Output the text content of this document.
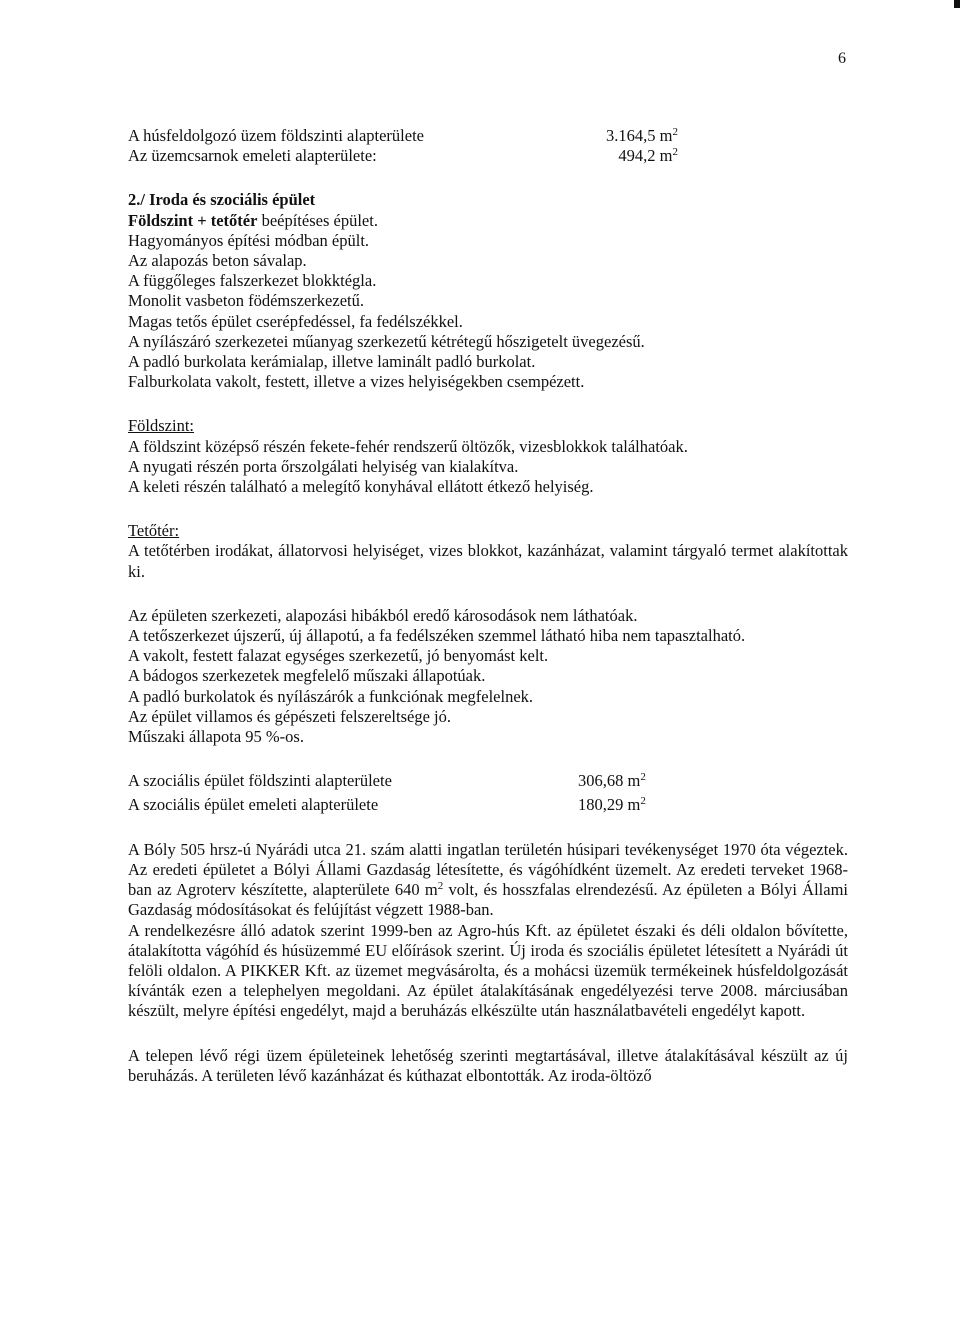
6
A húsfeldolgozó üzem földszinti alapterülete	3.164,5 $m^2$
Az üzemcsarnok emeleti alapterülete:	494,2 $m^2$
2./ Iroda és szociális épület
Földszint + tetőtér beépítéses épület.
Hagyományos építési módban épült.
Az alapozás beton sávalap.
A függőleges falszerkezet blokktégla.
Monolit vasbeton födémszerkezetű.
Magas tetős épület cserépfedéssel, fa fedélszékkel.
A nyílászáró szerkezetei műanyag szerkezetű kétrétegű hőszigetelt üvegezésű.
A padló burkolata kerámialap, illetve laminált padló burkolat.
Falburkolata vakolt, festett, illetve a vizes helyiségekben csempézett.
Földszint:
A földszint középső részén fekete-fehér rendszerű öltözők, vizesblokkok találhatóak.
A nyugati részén porta őrszolgálati helyiség van kialakítva.
A keleti részén található a melegítő konyhával ellátott étkező helyiség.
Tetőtér:
A tetőtérben irodákat, állatorvosi helyiséget, vizes blokkot, kazánházat, valamint tárgyaló termet alakítottak ki.
Az épületen szerkezeti, alapozási hibákból eredő károsodások nem láthatóak.
A tetőszerkezet újszerű, új állapotú, a fa fedélszéken szemmel látható hiba nem tapasztalható.
A vakolt, festett falazat egységes szerkezetű, jó benyomást kelt.
A bádogos szerkezetek megfelelő műszaki állapotúak.
A padló burkolatok és nyílászárók a funkciónak megfelelnek.
Az épület villamos és gépészeti felszereltsége jó.
Műszaki állapota 95 %-os.
A szociális épület földszinti alapterülete	306,68 $m^2$
A szociális épület emeleti alapterülete	180,29 $m^2$
A Bóly 505 hrsz-ú Nyárádi utca 21. szám alatti ingatlan területén húsipari tevékenységet 1970 óta végeztek. Az eredeti épületet a Bólyi Állami Gazdaság létesítette, és vágóhídként üzemelt. Az eredeti terveket 1968-ban az Agroterv készítette, alapterülete 640 $m^2$ volt, és hosszfalas elrendezésű. Az épületen a Bólyi Állami Gazdaság módosításokat és felújítást végzett 1988-ban.
A rendelkezésre álló adatok szerint 1999-ben az Agro-hús Kft. az épületet északi és déli oldalon bővítette, átalakította vágóhíd és húsüzemmé EU előírások szerint. Új iroda és szociális épületet létesített a Nyárádi út felöli oldalon. A PIKKER Kft. az üzemet megvásárolta, és a mohácsi üzemük termékeinek húsfeldolgozását kívánták ezen a telephelyen megoldani. Az épület átalakításának engedélyezési terve 2008. márciusában készült, melyre építési engedélyt, majd a beruházás elkészülte után használatbavételi engedélyt kapott.
A telepen lévő régi üzem épületeinek lehetőség szerinti megtartásával, illetve átalakításával készült az új beruházás. A területen lévő kazánházat és kúthazat elbontották. Az iroda-öltöző
